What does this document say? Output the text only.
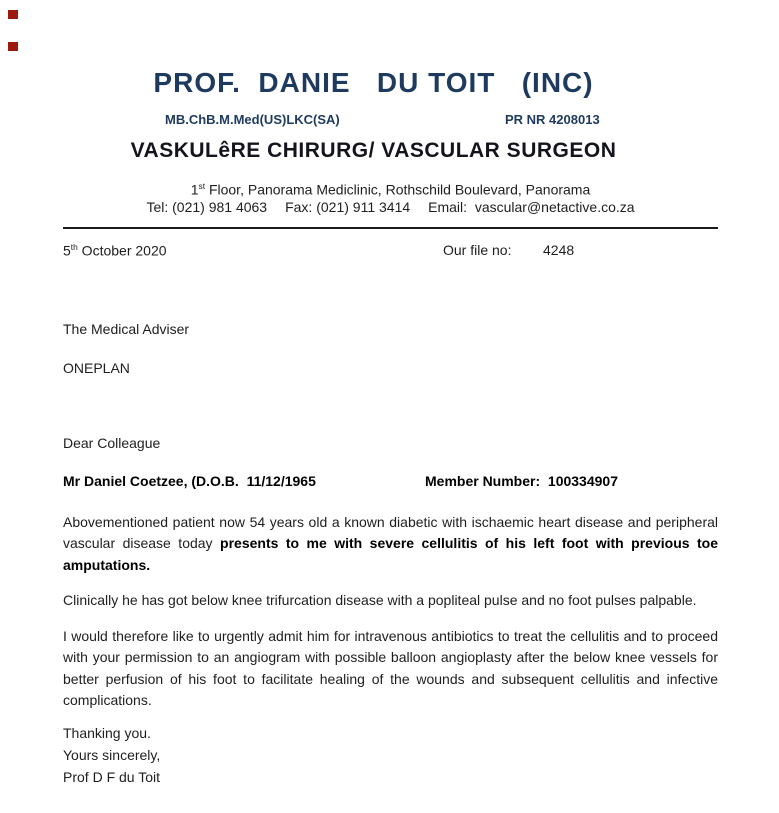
PROF.  DANIE   DU TOIT   (INC)
MB.ChB.M.Med(US)LKC(SA)	PR NR 4208013
VASKULêRE CHIRURG/ VASCULAR SURGEON

1st Floor, Panorama Mediclinic, Rothschild Boulevard, Panorama

Tel: (021) 981 4063 Fax: (021) 911 3414 Email:  vascular@netactive.co.za

5th October 2020	Our file no: 4248

The Medical Adviser

ONEPLAN

Dear Colleague

Mr Daniel Coetzee, (D.O.B.  11/12/1965	Member Number:  100334907

Abovementioned patient now 54 years old a known diabetic with ischaemic heart disease and peripheral vascular disease today presents to me with severe cellulitis of his left foot with previous toe amputations.

Clinically he has got below knee trifurcation disease with a popliteal pulse and no foot pulses palpable.

I would therefore like to urgently admit him for intravenous antibiotics to treat the cellulitis and to proceed with your permission to an angiogram with possible balloon angioplasty after the below knee vessels for better perfusion of his foot to facilitate healing of the wounds and subsequent cellulitis and infective complications.

Thanking you.

Yours sincerely,

Prof D F du Toit
